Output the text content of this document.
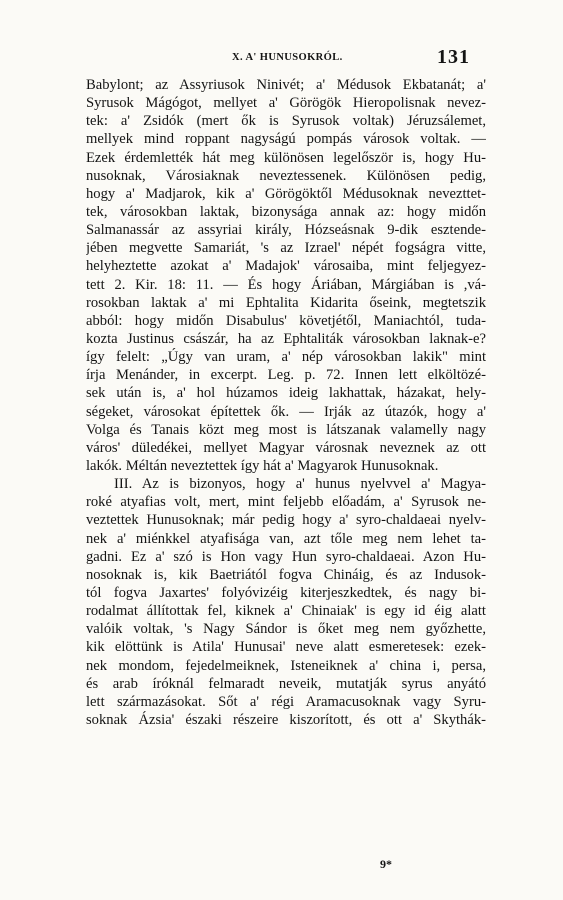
X. A' HUNUSOKRÓL.	131
Babylont; az Assyriusok Ninivét; a' Médusok Ekbatanát; a'
Syrusok Mágógot, mellyet a' Görögök Hieropolisnak nevez-
tek: a' Zsidók (mert ők is Syrusok voltak) Jéruzsálemet,
mellyek mind roppant nagyságú pompás városok voltak. —
Ezek érdemlették hát meg különösen legelőször is, hogy Hu-
nusoknak, Városiaknak neveztessenek. Különösen pedig,
hogy a' Madjarok, kik a' Görögöktől Médusoknak nevezttet-
tek, városokban laktak, bizonysága annak az: hogy midőn
Salmanassár az assyriai király, Hózseásnak 9-dik esztende-
jében megvette Samariát, 's az Izrael' népét fogságra vitte,
helyheztette azokat a' Madajok' városaiba, mint feljegyez-
tett 2. Kir. 18: 11. — És hogy Áriában, Márgiában is ,vá-
rosokban laktak a' mi Ephtalita Kidarita őseink, megtetszik
abból: hogy midőn Disabulus' követjétől, Maniachtól, tuda-
kozta Justinus császár, ha az Ephtaliták városokban laknak-e?
így felelt: „Úgy van uram, a' nép városokban lakik" mint
írja Menánder, in excerpt. Leg. p. 72. Innen lett elköltözé-
sek után is, a' hol húzamos ideig lakhattak, házakat, hely-
ségeket, városokat építettek ők. — Irják az útazók, hogy a'
Volga és Tanais közt meg most is látszanak valamelly nagy
város' düledékei, mellyet Magyar városnak neveznek az ott
lakók. Méltán neveztettek így hát a' Magyarok Hunusoknak.
III. Az is bizonyos, hogy a' hunus nyelvvel a' Magya-
roké atyafias volt, mert, mint feljebb előadám, a' Syrusok ne-
veztettek Hunusoknak; már pedig hogy a' syro-chaldaeai nyelv-
nek a' miénkkel atyafisága van, azt tőle meg nem lehet ta-
gadni. Ez a' szó is Hon vagy Hun syro-chaldaeai. Azon Hu-
nosoknak is, kik Baetriától fogva Chináig, és az Indusok-
tól fogva Jaxartes' folyóvizéig kiterjeszkedtek, és nagy bi-
rodalmat állítottak fel, kiknek a' Chinaiak' is egy id éig alatt
valóik voltak, 's Nagy Sándor is őket meg nem győzhette,
kik elöttünk is Atila' Hunusai' neve alatt esmeretesek: ezek-
nek mondom, fejedelmeiknek, Isteneiknek a' china i, persa,
és arab íróknál felmaradt neveik, mutatják syrus anyátó
lett származásokat. Sőt a' régi Aramacusoknak vagy Syru-
soknak Ázsia' északi részeire kiszorított, és ott a' Skythák-
9*
